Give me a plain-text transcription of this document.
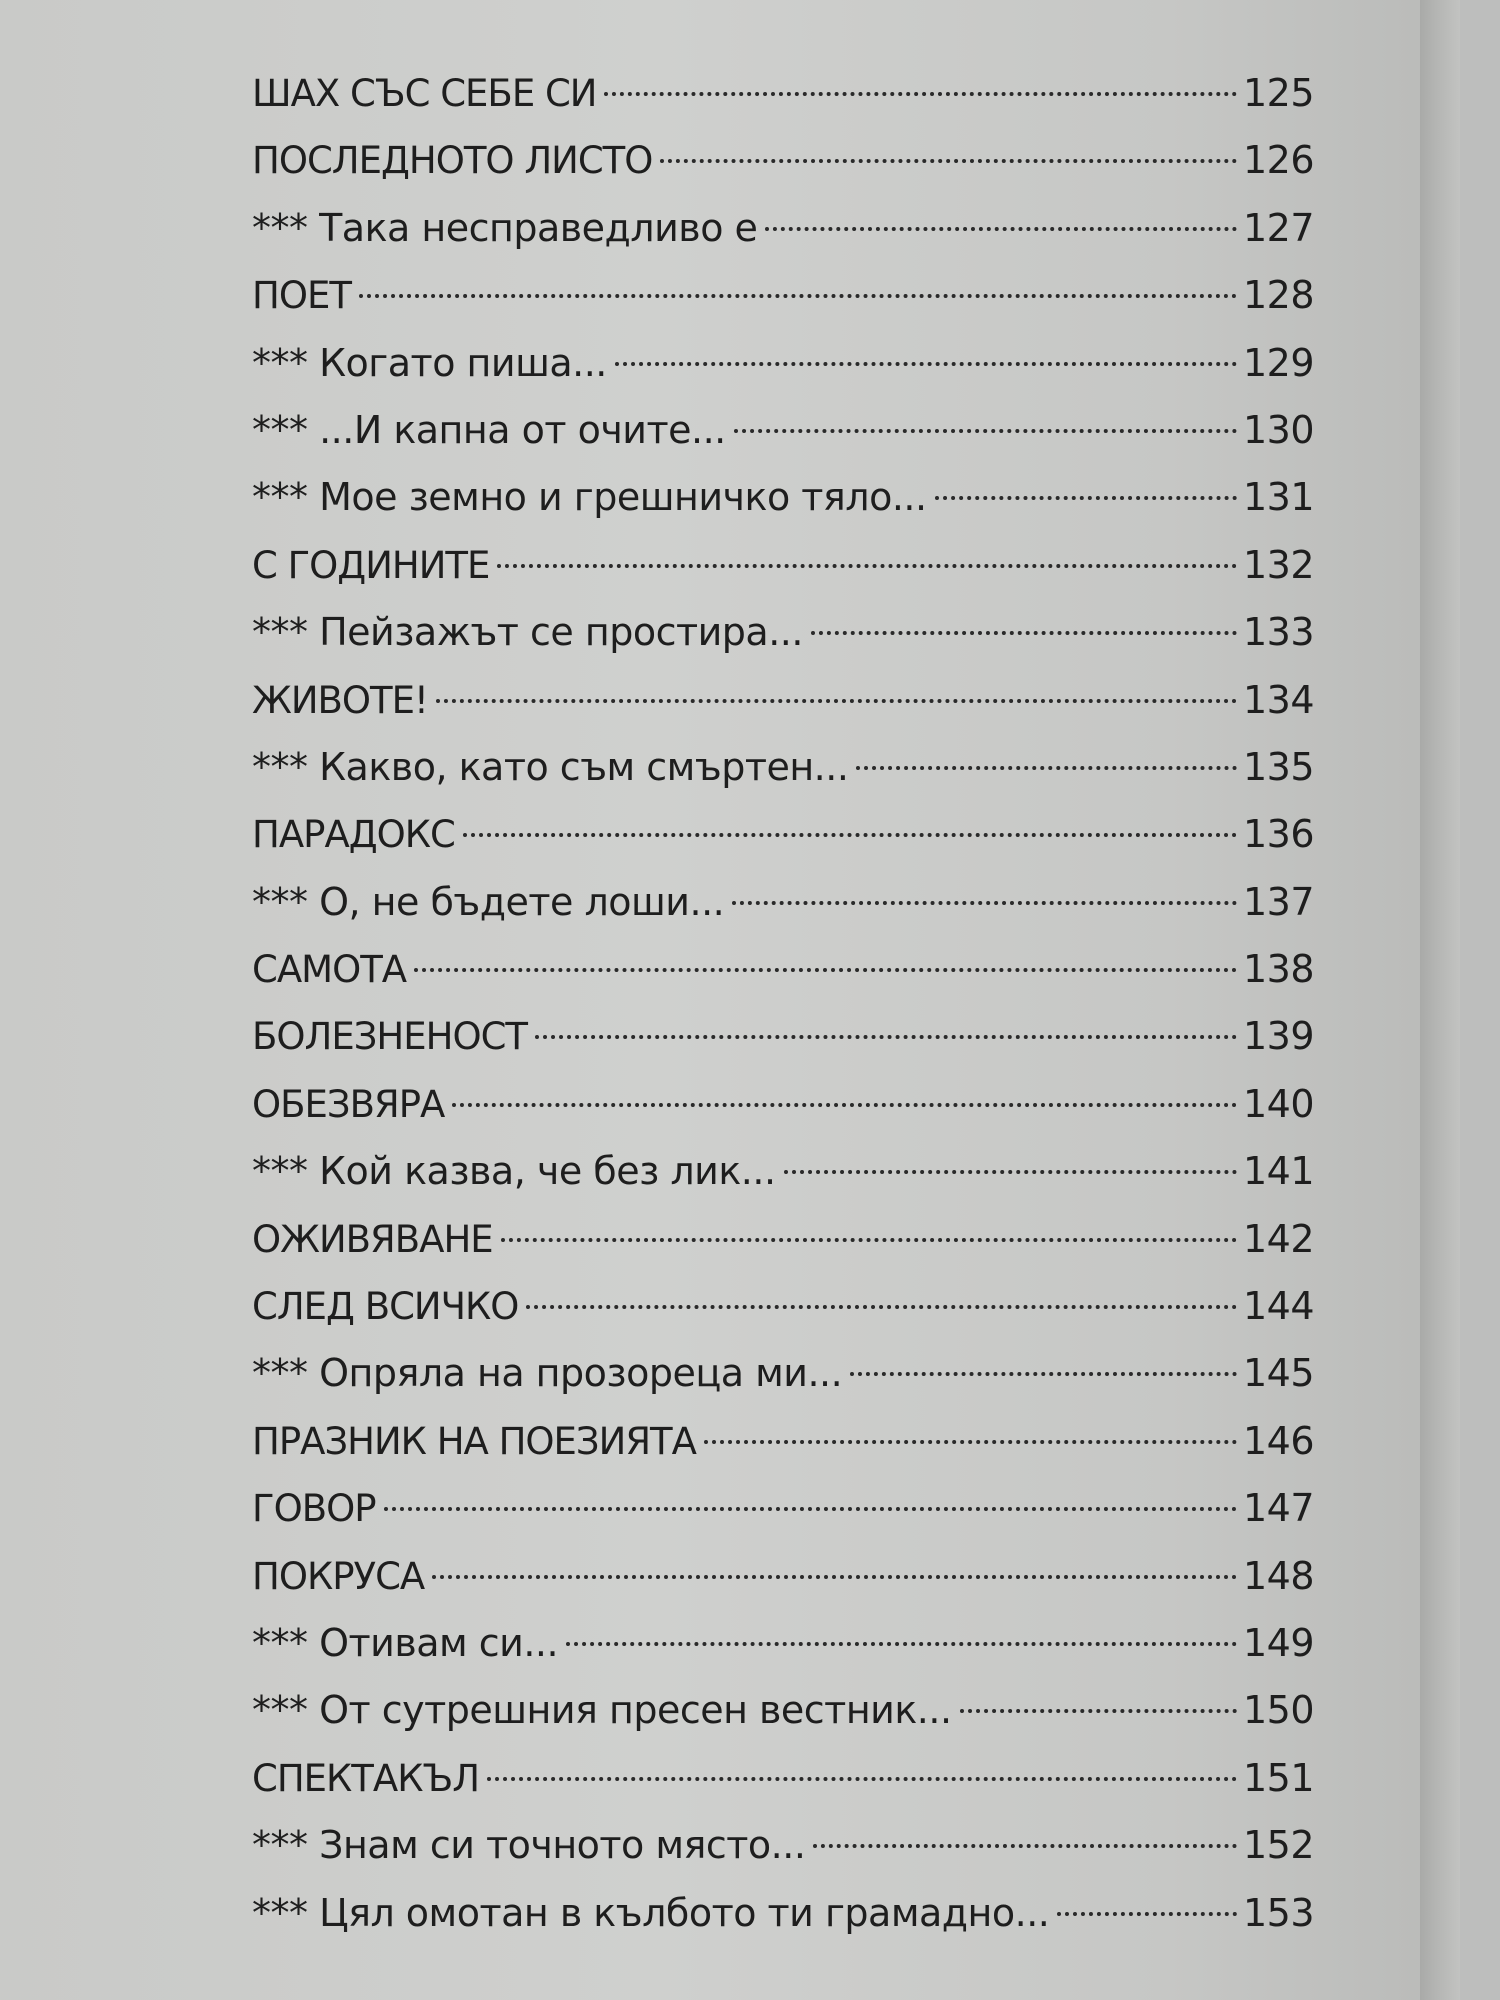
ШАХ СЪС СЕБЕ СИ	125
ПОСЛЕДНОТО ЛИСТО	126
*** Така несправедливо е	127
ПОЕТ	128
*** Когато пиша...	129
*** ...И капна от очите...	130
*** Мое земно и грешничко тяло...	131
С ГОДИНИТЕ	132
*** Пейзажът се простира...	133
ЖИВОТЕ!	134
*** Какво, като съм смъртен...	135
ПАРАДОКС	136
*** О, не бъдете лоши...	137
САМОТА	138
БОЛЕЗНЕНОСТ	139
ОБЕЗВЯРА	140
*** Кой казва, че без лик...	141
ОЖИВЯВАНЕ	142
СЛЕД ВСИЧКО	144
*** Опряла на прозореца ми...	145
ПРАЗНИК НА ПОЕЗИЯТА	146
ГОВОР	147
ПОКРУСА	148
*** Отивам си...	149
*** От сутрешния пресен вестник...	150
СПЕКТАКЪЛ	151
*** Знам си точното място...	152
*** Цял омотан в кълбото ти грамадно...	153
